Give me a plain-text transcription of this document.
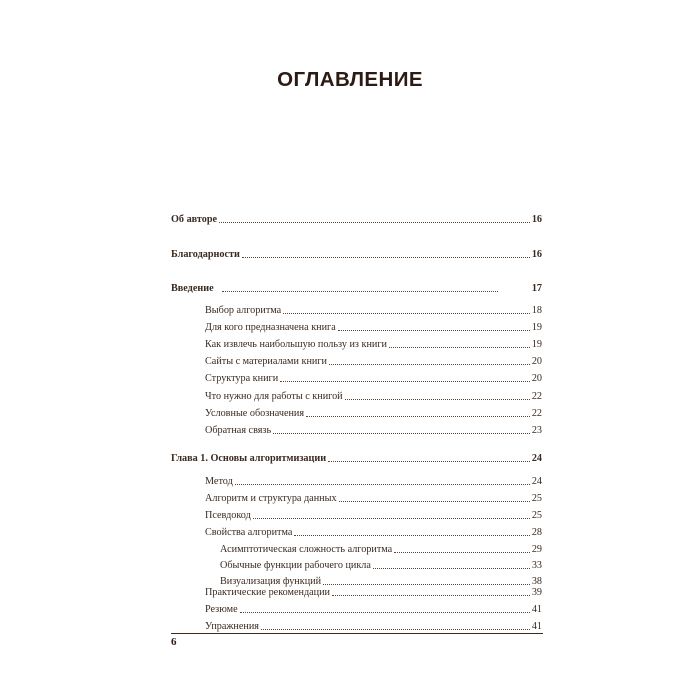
ОГЛАВЛЕНИЕ
Об авторе	16
Благодарности	16
Введение	17
Выбор алгоритма	18
Для кого предназначена книга	19
Как извлечь наибольшую пользу из книги	19
Сайты с материалами книги	20
Структура книги	20
Что нужно для работы с книгой	22
Условные обозначения	22
Обратная связь	23
Глава 1. Основы алгоритмизации	24
Метод	24
Алгоритм и структура данных	25
Псевдокод	25
Свойства алгоритма	28
Асимптотическая сложность алгоритма	29
Обычные функции рабочего цикла	33
Визуализация функций	38
Практические рекомендации	39
Резюме	41
Упражнения	41
6
